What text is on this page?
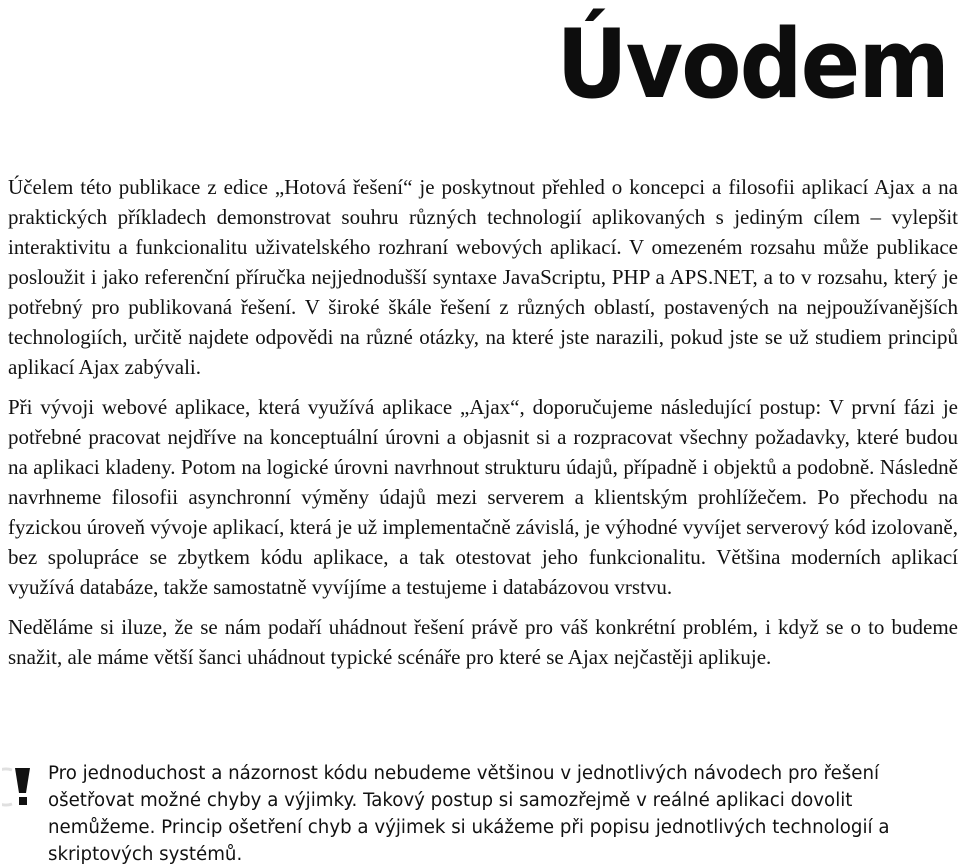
Úvodem

Účelem této publikace z edice „Hotová řešení“ je poskytnout přehled o koncepci a filosofii aplikací Ajax a na praktických příkladech demonstrovat souhru různých technologií aplikovaných s jediným cílem – vylepšit interaktivitu a funkcionalitu uživatelského rozhraní webových aplikací. V omezeném rozsahu může publikace posloužit i jako referenční příručka nejjednodušší syntaxe JavaScriptu, PHP a APS.NET, a to v rozsahu, který je potřebný pro publikovaná řešení. V široké škále řešení z různých oblastí, postavených na nejpoužívanějších technologiích, určitě najdete odpovědi na různé otázky, na které jste narazili, pokud jste se už studiem principů aplikací Ajax zabývali.

Při vývoji webové aplikace, která využívá aplikace „Ajax“, doporučujeme následující postup: V první fázi je potřebné pracovat nejdříve na konceptuální úrovni a objasnit si a rozpracovat všechny požadavky, které budou na aplikaci kladeny. Potom na logické úrovni navrhnout strukturu údajů, případně i objektů a podobně. Následně navrhneme filosofii asynchronní výměny údajů mezi serverem a klientským prohlížečem. Po přechodu na fyzickou úroveň vývoje aplikací, která je už implementačně závislá, je výhodné vyvíjet serverový kód izolovaně, bez spolupráce se zbytkem kódu aplikace, a tak otestovat jeho funkcionalitu. Většina moderních aplikací využívá databáze, takže samostatně vyvíjíme a testujeme i databázovou vrstvu.

Neděláme si iluze, že se nám podaří uhádnout řešení právě pro váš konkrétní problém, i když se o to budeme snažit, ale máme větší šanci uhádnout typické scénáře pro které se Ajax nejčastěji aplikuje.

Pro jednoduchost a názornost kódu nebudeme většinou v jednotlivých návodech pro řešení ošetřovat možné chyby a výjimky. Takový postup si samozřejmě v reálné aplikaci dovolit nemůžeme. Princip ošetření chyb a výjimek si ukážeme při popisu jednotlivých technologií a skriptových systémů.
